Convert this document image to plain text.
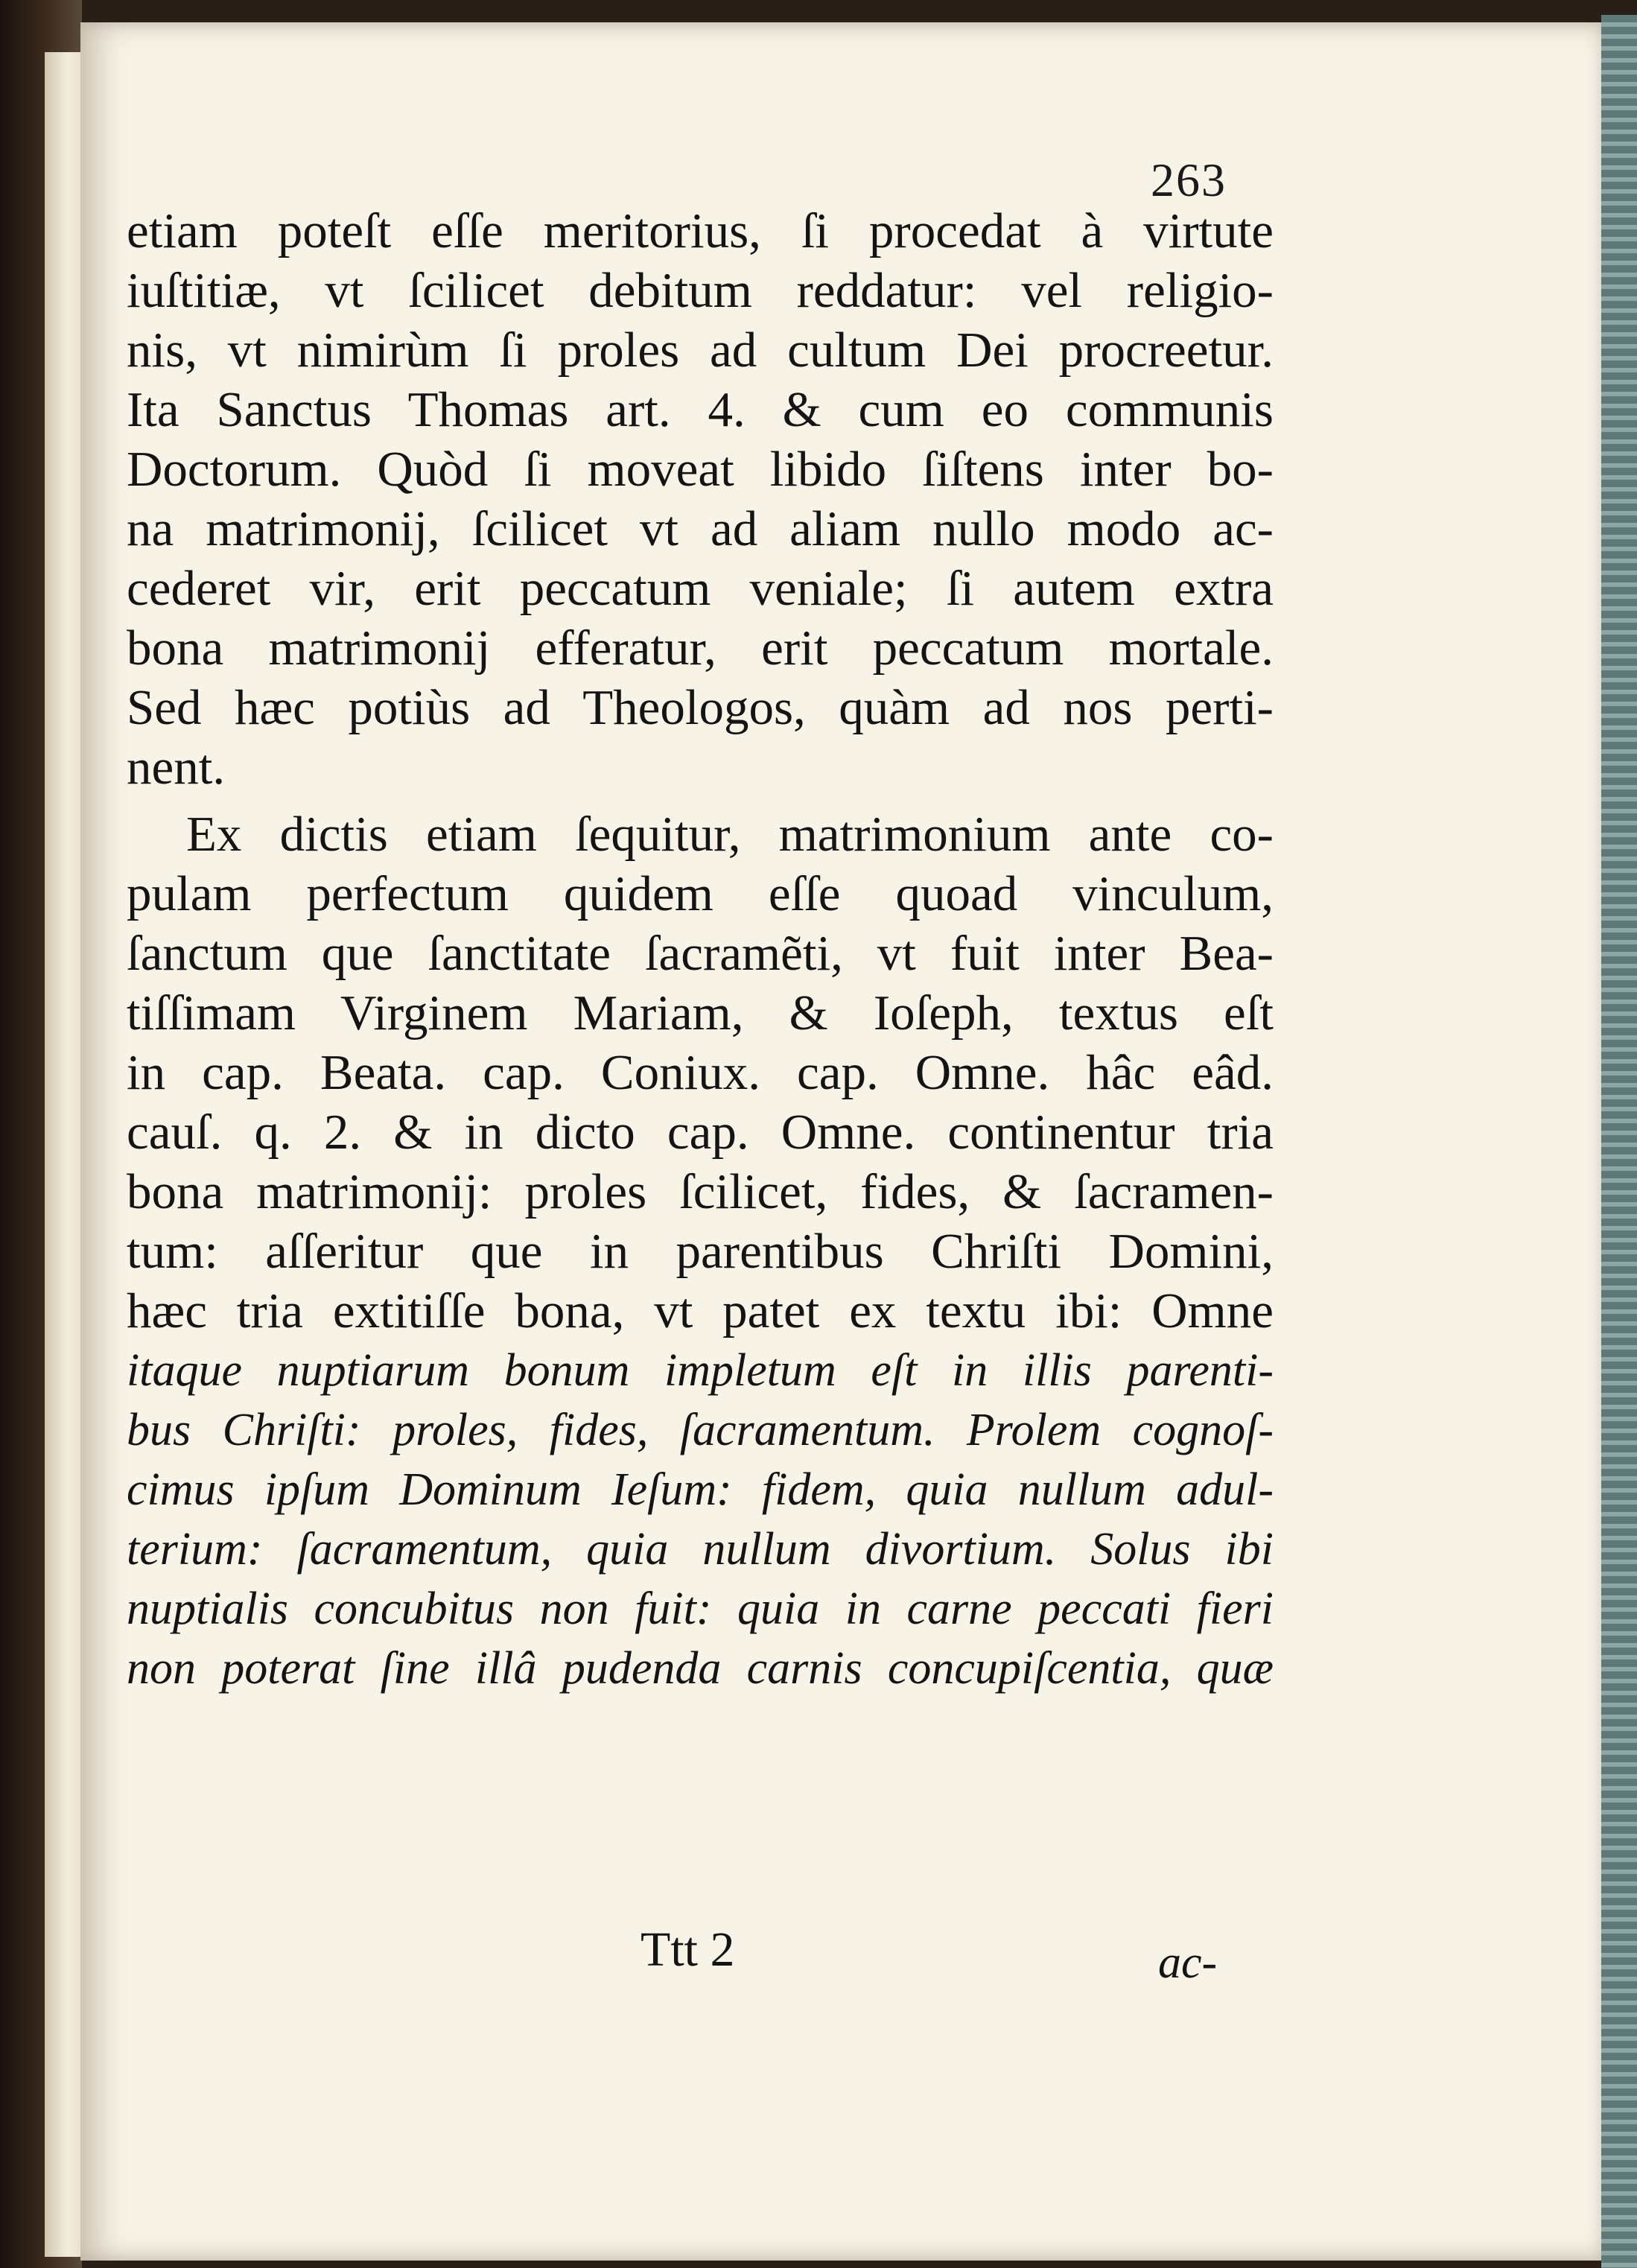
263
etiam poteſt eſſe meritorius, ſi procedat à virtute
iuſtitiæ, vt ſcilicet debitum reddatur: vel religio-
nis, vt nimirùm ſi proles ad cultum Dei procreetur.
Ita Sanctus Thomas art. 4. & cum eo communis
Doctorum. Quòd ſi moveat libido ſiſtens inter bo-
na matrimonij, ſcilicet vt ad aliam nullo modo ac-
cederet vir, erit peccatum veniale; ſi autem extra
bona matrimonij efferatur, erit peccatum mortale.
Sed hæc potiùs ad Theologos, quàm ad nos perti-
nent.
Ex dictis etiam ſequitur, matrimonium ante co-
pulam perfectum quidem eſſe quoad vinculum,
ſanctum que ſanctitate ſacramẽti, vt fuit inter Bea-
tiſſimam Virginem Mariam, & Ioſeph, textus eſt
in cap. Beata. cap. Coniux. cap. Omne. hâc eâd.
cauſ. q. 2. & in dicto cap. Omne. continentur tria
bona matrimonij: proles ſcilicet, fides, & ſacramen-
tum: aſſeritur que in parentibus Chriſti Domini,
hæc tria extitiſſe bona, vt patet ex textu ibi: Omne
itaque nuptiarum bonum impletum eſt in illis parenti-
bus Chriſti: proles, fides, ſacramentum. Prolem cognoſ-
cimus ipſum Dominum Ieſum: fidem, quia nullum adul-
terium: ſacramentum, quia nullum divortium. Solus ibi
nuptialis concubitus non fuit: quia in carne peccati fieri
non poterat ſine illâ pudenda carnis concupiſcentia, quæ
Ttt 2	ac-
